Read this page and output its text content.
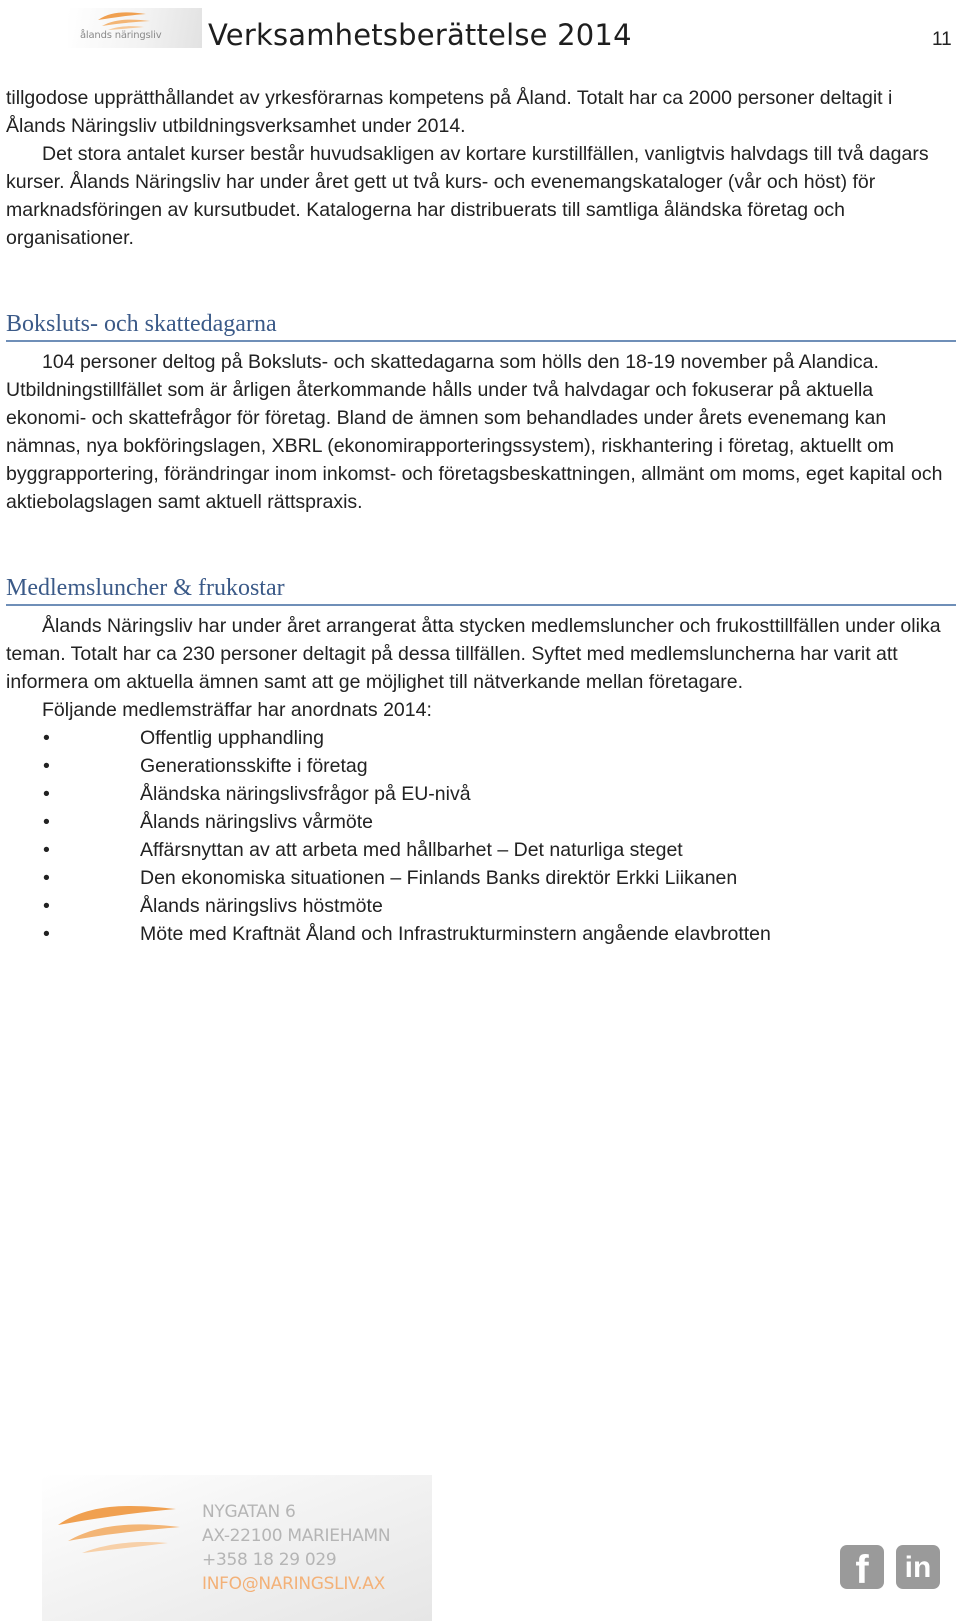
ålands näringsliv Verksamhetsberättelse 2014	11

tillgodose upprätthållandet av yrkesförarnas kompetens på Åland. Totalt har ca 2000 personer deltagit i Ålands Näringsliv utbildningsverksamhet under 2014.

Det stora antalet kurser består huvudsakligen av kortare kurstillfällen, vanligtvis halvdags till två dagars kurser. Ålands Näringsliv har under året gett ut två kurs- och evenemangskataloger (vår och höst) för marknadsföringen av kursutbudet. Katalogerna har distribuerats till samtliga åländska företag och organisationer.

Boksluts- och skattedagarna

104 personer deltog på Boksluts- och skattedagarna som hölls den 18-19 november på Alandica. Utbildningstillfället som är årligen återkommande hålls under två halvdagar och fokuserar på aktuella ekonomi- och skattefrågor för företag. Bland de ämnen som behandlades under årets evenemang kan nämnas, nya bokföringslagen, XBRL (ekonomirapporteringssystem), riskhantering i företag, aktuellt om byggrapportering, förändringar inom inkomst- och företagsbeskattningen, allmänt om moms, eget kapital och aktiebolagslagen samt aktuell rättspraxis.

Medlemsluncher & frukostar

Ålands Näringsliv har under året arrangerat åtta stycken medlemsluncher och frukosttillfällen under olika teman. Totalt har ca 230 personer deltagit på dessa tillfällen. Syftet med medlemsluncherna har varit att informera om aktuella ämnen samt att ge möjlighet till nätverkande mellan företagare.

Följande medlemsträffar har anordnats 2014:

•	Offentlig upphandling
•	Generationsskifte i företag
•	Åländska näringslivsfrågor på EU-nivå
•	Ålands näringslivs vårmöte
•	Affärsnyttan av att arbeta med hållbarhet – Det naturliga steget
•	Den ekonomiska situationen – Finlands Banks direktör Erkki Liikanen
•	Ålands näringslivs höstmöte
•	Möte med Kraftnät Åland och Infrastrukturminstern angående elavbrotten
NYGATAN 6
AX-22100 MARIEHAMN
+358 18 29 029
INFO@NARINGSLIV.AX	f	in
